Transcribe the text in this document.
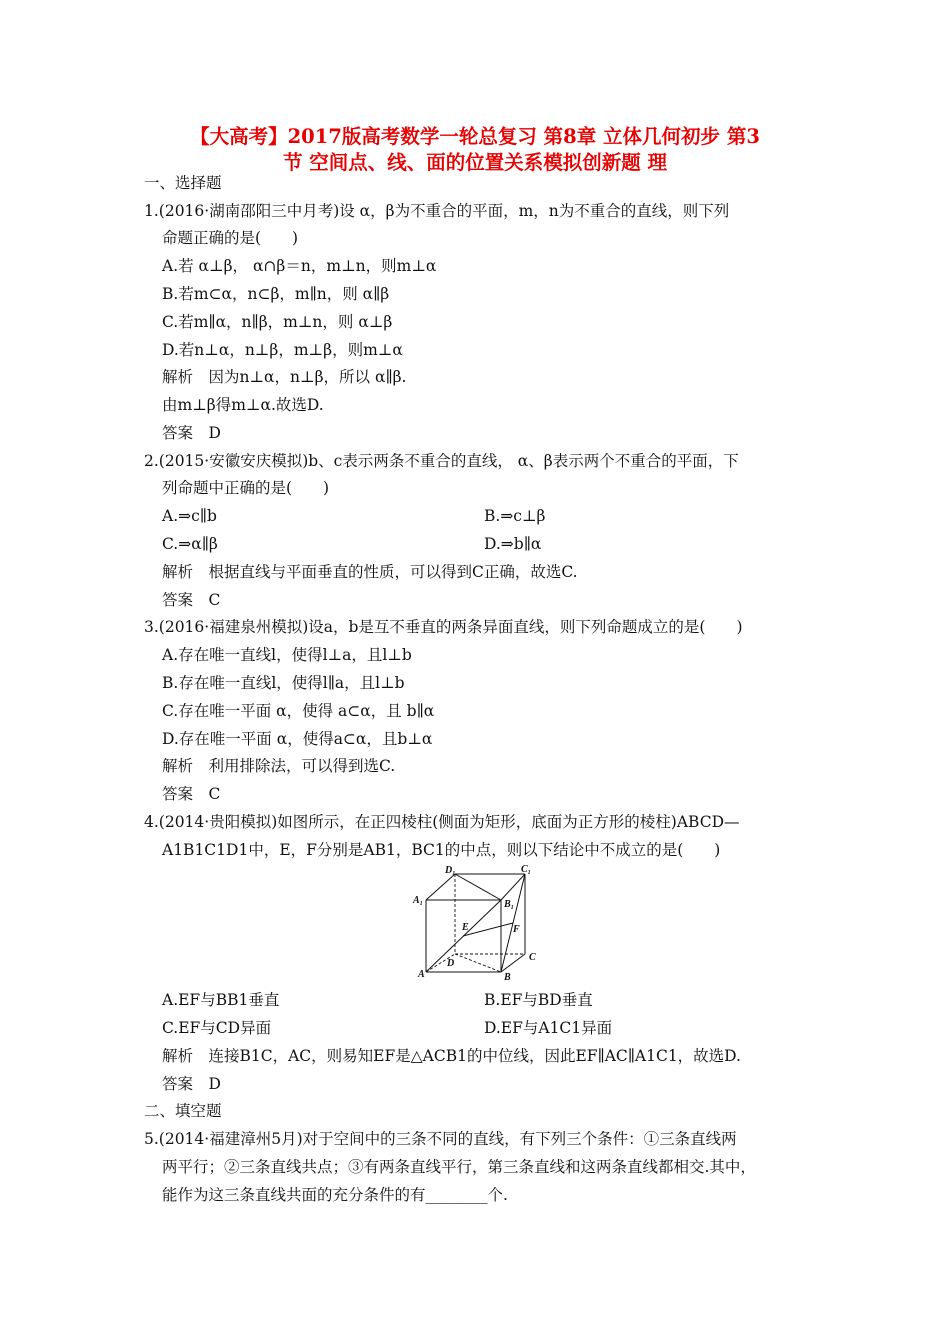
【大高考】2017版高考数学一轮总复习 第8章 立体几何初步 第3
节 空间点、线、面的位置关系模拟创新题 理
一、选择题
1.(2016·湖南邵阳三中月考)设 α，β为不重合的平面，m，n为不重合的直线，则下列
命题正确的是(　　)
A.若 α⊥β， α∩β＝n，m⊥n，则m⊥α
B.若m⊂α，n⊂β，m∥n，则 α∥β
C.若m∥α，n∥β，m⊥n，则 α⊥β
D.若n⊥α，n⊥β，m⊥β，则m⊥α
解析　因为n⊥α，n⊥β，所以 α∥β.
由m⊥β得m⊥α.故选D.
答案　D
2.(2015·安徽安庆模拟)b、c表示两条不重合的直线， α、β表示两个不重合的平面，下
列命题中正确的是(　　)
A.⇒c∥b	B.⇒c⊥β
C.⇒α∥β	D.⇒b∥α
解析　根据直线与平面垂直的性质，可以得到C正确，故选C.
答案　C
3.(2016·福建泉州模拟)设a，b是互不垂直的两条异面直线，则下列命题成立的是(　　)
A.存在唯一直线l，使得l⊥a，且l⊥b
B.存在唯一直线l，使得l∥a，且l⊥b
C.存在唯一平面 α，使得 a⊂α，且 b∥α
D.存在唯一平面 α，使得a⊂α，且b⊥α
解析　利用排除法，可以得到选C.
答案　C
4.(2014·贵阳模拟)如图所示，在正四棱柱(侧面为矩形，底面为正方形的棱柱)ABCD—
A1B1C1D1中，E，F分别是AB1，BC1的中点，则以下结论中不成立的是(　　)
$D_1$	$C_1$
$A_1$	$B_1$
E	F
C
D
A	B
A.EF与BB1垂直	B.EF与BD垂直
C.EF与CD异面	D.EF与A1C1异面
解析　连接B1C，AC，则易知EF是△ACB1的中位线，因此EF∥AC∥A1C1，故选D.
答案　D
二、填空题
5.(2014·福建漳州5月)对于空间中的三条不同的直线，有下列三个条件：①三条直线两
两平行；②三条直线共点；③有两条直线平行，第三条直线和这两条直线都相交.其中，
能作为这三条直线共面的充分条件的有________个.
